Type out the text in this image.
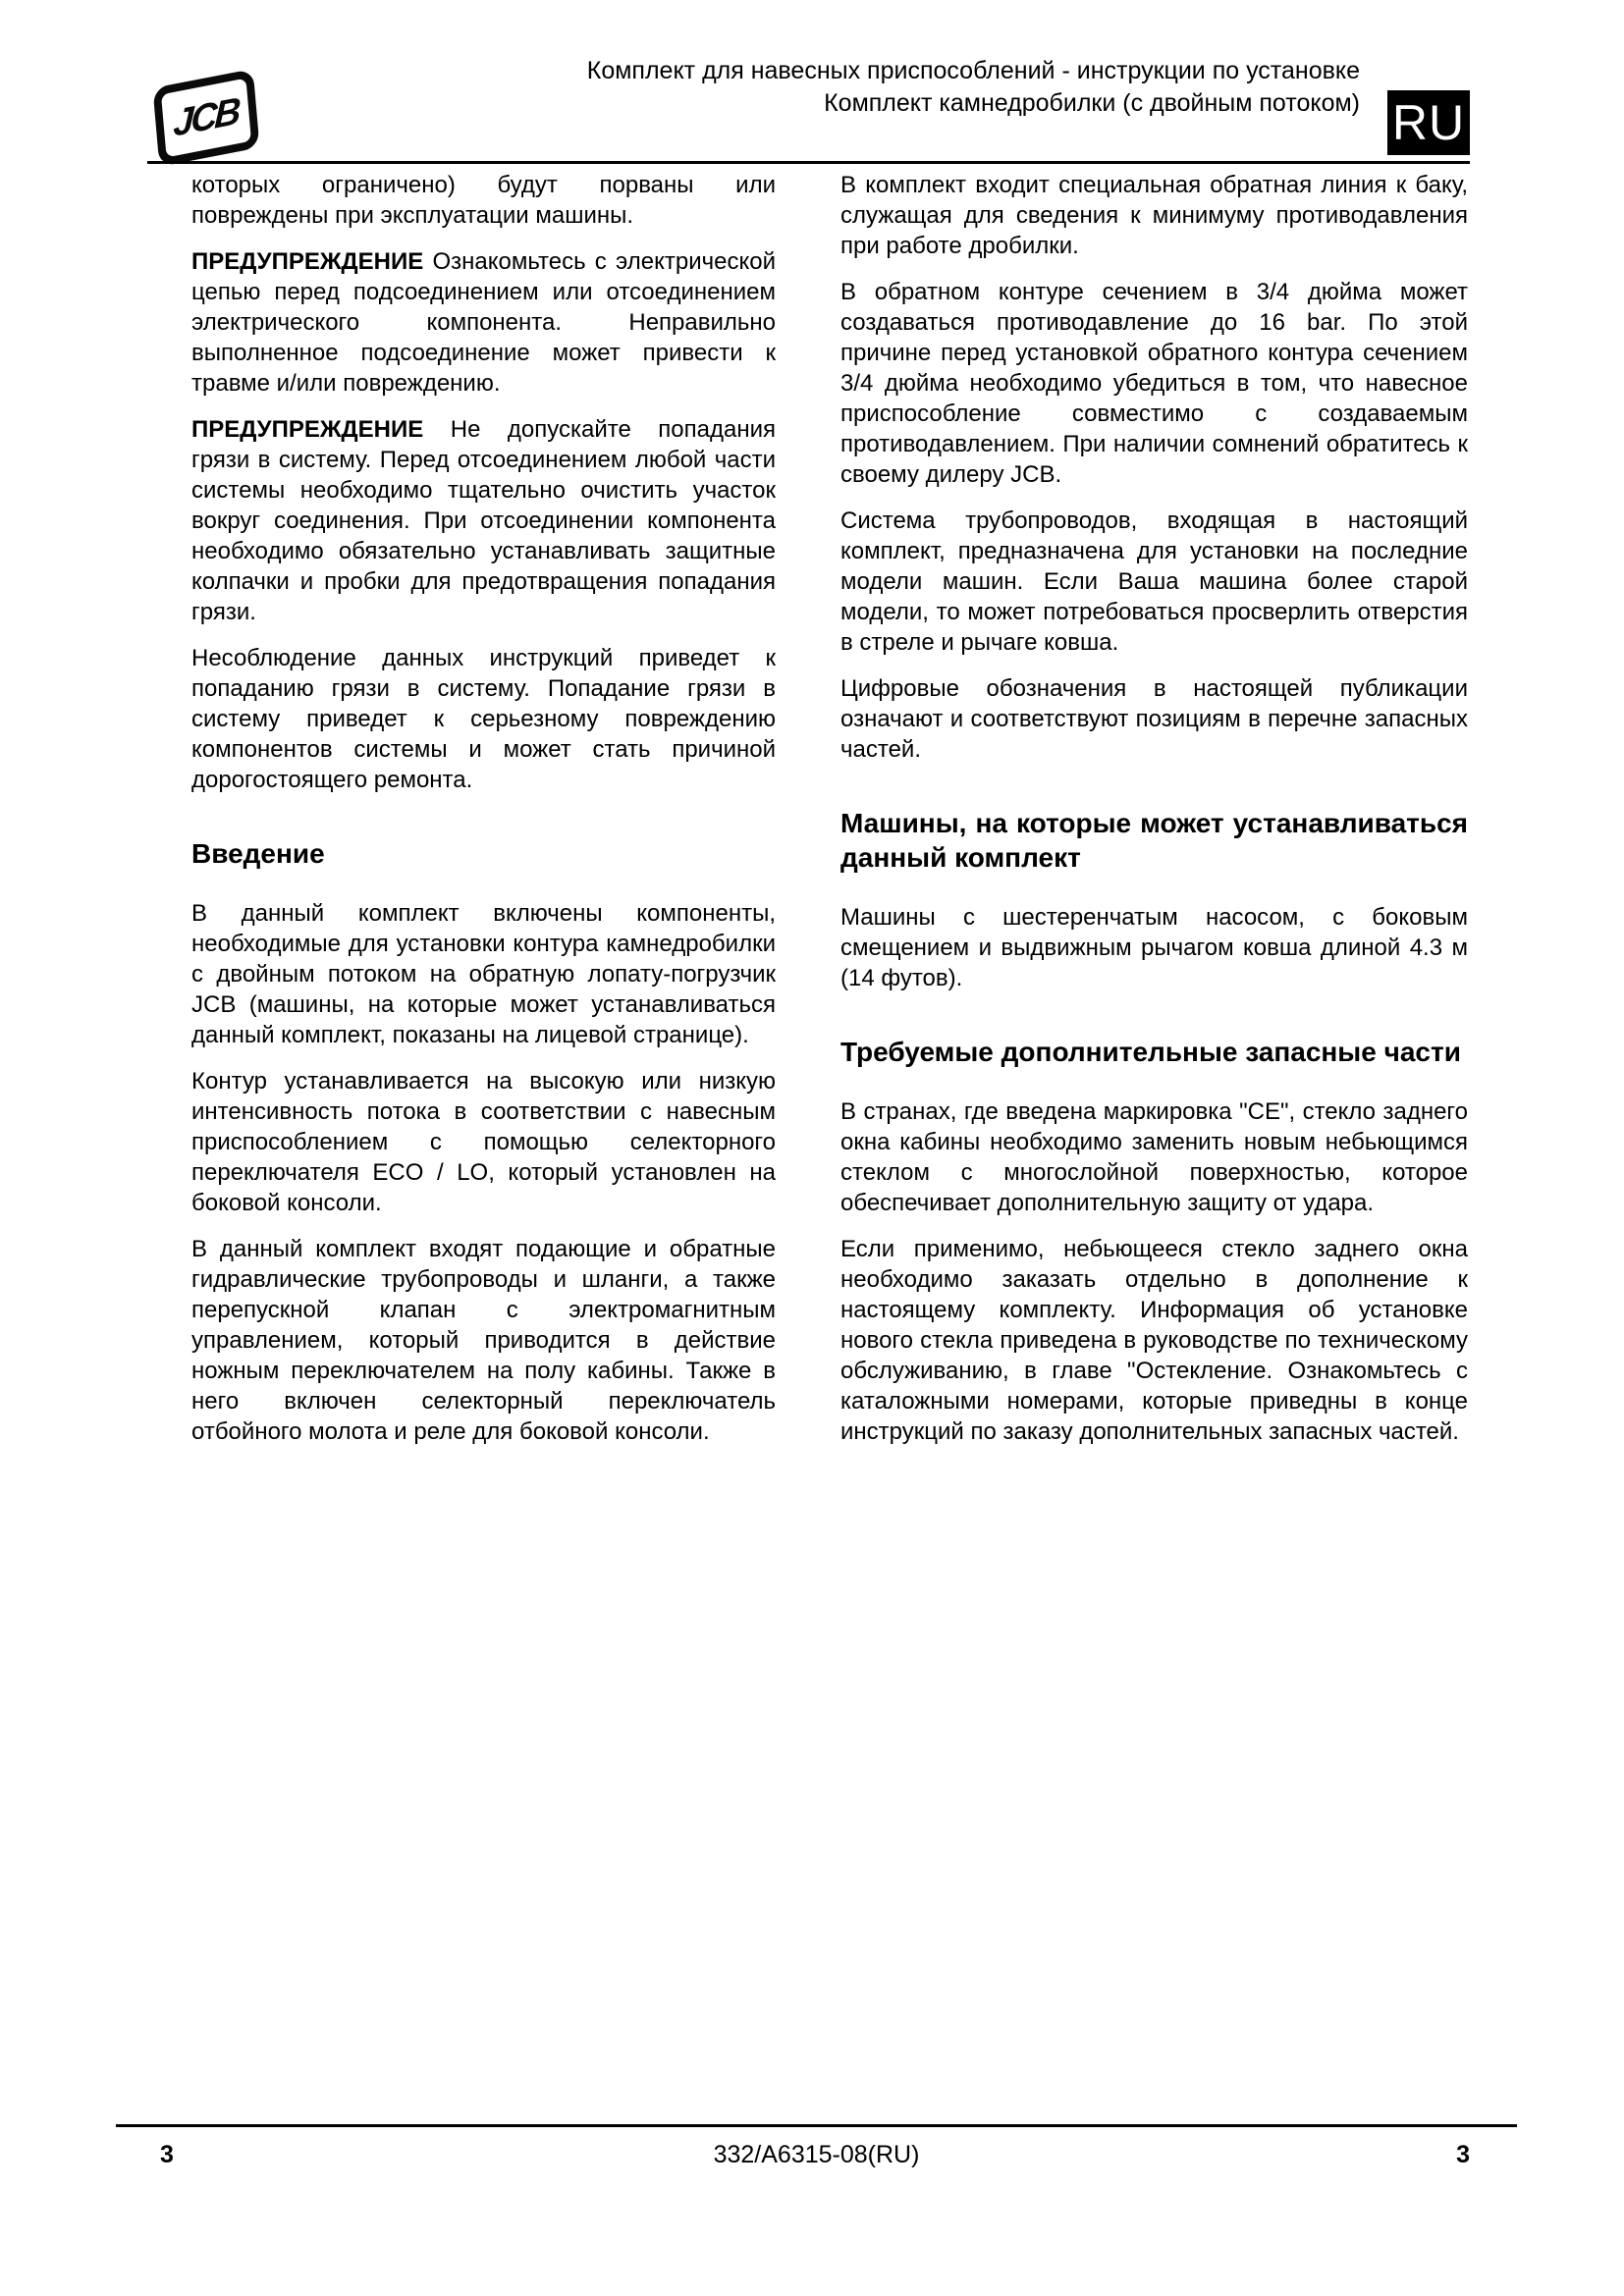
JCB
Комплект для навесных приспособлений - инструкции по установке
Комплект камнедробилки (с двойным потоком) RU

которых ограничено) будут порваны или повреждены при эксплуатации машины.

ПРЕДУПРЕЖДЕНИЕ Ознакомьтесь с электрической цепью перед подсоединением или отсоединением электрического компонента. Неправильно выполненное подсоединение может привести к травме и/или повреждению.

ПРЕДУПРЕЖДЕНИЕ Не допускайте попадания грязи в систему. Перед отсоединением любой части системы необходимо тщательно очистить участок вокруг соединения. При отсоединении компонента необходимо обязательно устанавливать защитные колпачки и пробки для предотвращения попадания грязи.

Несоблюдение данных инструкций приведет к попаданию грязи в систему. Попадание грязи в систему приведет к серьезному повреждению компонентов системы и может стать причиной дорогостоящего ремонта.

Введение

В данный комплект включены компоненты, необходимые для установки контура камнедробилки с двойным потоком на обратную лопату-погрузчик JCB (машины, на которые может устанавливаться данный комплект, показаны на лицевой странице).

Контур устанавливается на высокую или низкую интенсивность потока в соответствии с навесным приспособлением с помощью селекторного переключателя ECO / LO, который установлен на боковой консоли.

В данный комплект входят подающие и обратные гидравлические трубопроводы и шланги, а также перепускной клапан с электромагнитным управлением, который приводится в действие ножным переключателем на полу кабины. Также в него включен селекторный переключатель отбойного молота и реле для боковой консоли.

В комплект входит специальная обратная линия к баку, служащая для сведения к минимуму противодавления при работе дробилки.

В обратном контуре сечением в 3/4 дюйма может создаваться противодавление до 16 bar. По этой причине перед установкой обратного контура сечением 3/4 дюйма необходимо убедиться в том, что навесное приспособление совместимо с создаваемым противодавлением. При наличии сомнений обратитесь к своему дилеру JCB.

Система трубопроводов, входящая в настоящий комплект, предназначена для установки на последние модели машин. Если Ваша машина более старой модели, то может потребоваться просверлить отверстия в стреле и рычаге ковша.

Цифровые обозначения в настоящей публикации означают и соответствуют позициям в перечне запасных частей.

Машины, на которые может устанавливаться данный комплект

Машины с шестеренчатым насосом, с боковым смещением и выдвижным рычагом ковша длиной 4.3 м (14 футов).

Требуемые дополнительные запасные части

В странах, где введена маркировка "CE", стекло заднего окна кабины необходимо заменить новым небьющимся стеклом с многослойной поверхностью, которое обеспечивает дополнительную защиту от удара.

Если применимо, небьющееся стекло заднего окна необходимо заказать отдельно в дополнение к настоящему комплекту. Информация об установке нового стекла приведена в руководстве по техническому обслуживанию, в главе "Остекление. Ознакомьтесь с каталожными номерами, которые приведны в конце инструкций по заказу дополнительных запасных частей.

3	332/A6315-08(RU)	3
